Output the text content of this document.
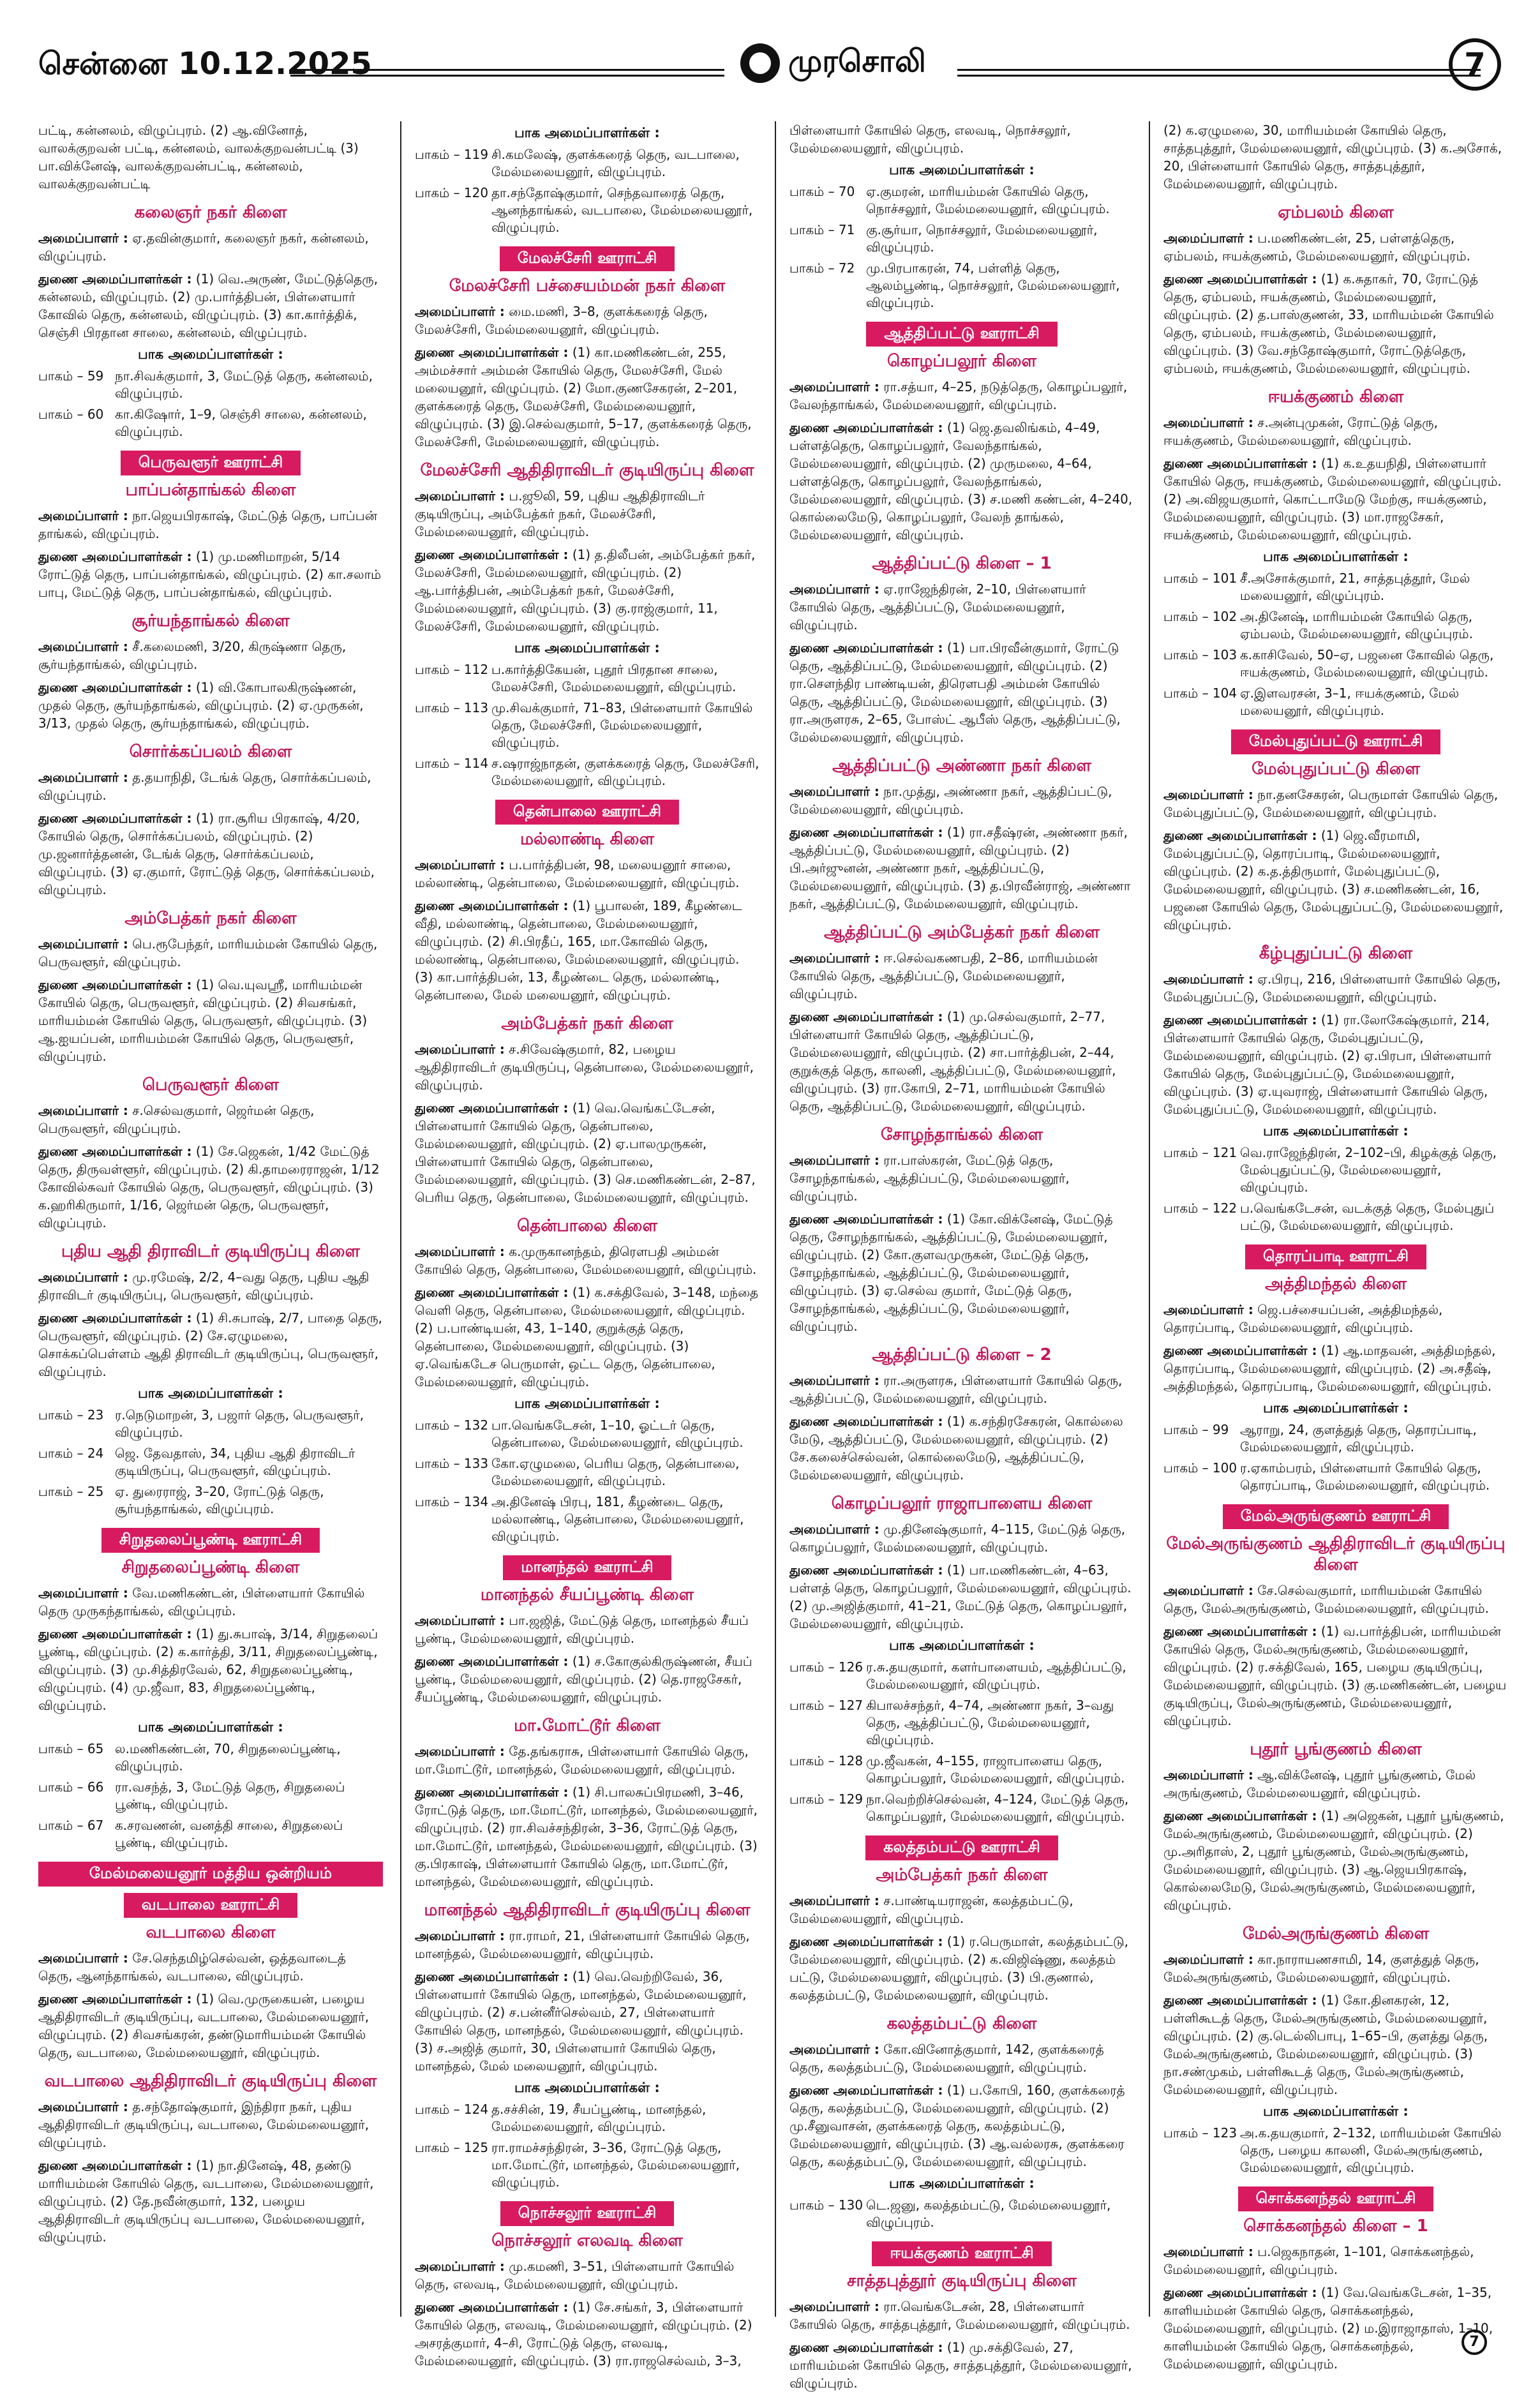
சென்னை 10.12.2025	முரசொலி	7
பட்டி, கன்னலம், விழுப்புரம். (2) ஆ.வினோத், வாலக்குறவன் பட்டி, கன்னலம், வாலக்குறவன்பட்டி (3) பா.விக்னேஷ், வாலக்குறவன்பட்டி, கன்னலம், வாலக்குறவன்பட்டி
கலைஞர் நகர் கிளை
அமைப்பாளர் : ஏ.தவின்குமார், கலைஞர் நகர், கன்னலம், விழுப்புரம்.
துணை அமைப்பாளர்கள் : (1) வெ.அருண், மேட்டுத்தெரு, கன்னலம், விழுப்புரம். (2) மு.பார்த்திபன், பிள்ளையார் கோவில் தெரு, கன்னலம், விழுப்புரம். (3) கா.கார்த்திக், செஞ்சி பிரதான சாலை, கன்னலம், விழுப்புரம்.
பாக அமைப்பாளர்கள் :
பாகம் – 59 நா.சிவக்குமார், 3, மேட்டுத் தெரு, கன்னலம், விழுப்புரம்.
பாகம் – 60 கா.கிஷோர், 1–9, செஞ்சி சாலை, கன்னலம், விழுப்புரம்.
பெருவளூர் ஊராட்சி
பாப்பன்தாங்கல் கிளை
அமைப்பாளர் : நா.ஜெயபிரகாஷ், மேட்டுத் தெரு, பாப்பன் தாங்கல், விழுப்புரம்.
துணை அமைப்பாளர்கள் : (1) மு.மணிமாறன், 5/14 ரோட்டுத் தெரு, பாப்பன்தாங்கல், விழுப்புரம். (2) கா.சலாம் பாபு, மேட்டுத் தெரு, பாப்பன்தாங்கல், விழுப்புரம்.
சூர்யந்தாங்கல் கிளை
அமைப்பாளர் : சீ.கலைமணி, 3/20, கிருஷ்ணா தெரு, சூர்யந்தாங்கல், விழுப்புரம்.
துணை அமைப்பாளர்கள் : (1) வி.கோபாலகிருஷ்ணன், முதல் தெரு, சூர்யந்தாங்கல், விழுப்புரம். (2) ஏ.முருகன், 3/13, முதல் தெரு, சூர்யந்தாங்கல், விழுப்புரம்.
சொர்க்கப்பலம் கிளை
அமைப்பாளர் : த.தயாநிதி, டேங்க் தெரு, சொர்க்கப்பலம், விழுப்புரம்.
துணை அமைப்பாளர்கள் : (1) ரா.சூரிய பிரகாஷ், 4/20, கோயில் தெரு, சொர்க்கப்பலம், விழுப்புரம். (2) மு.ஜனார்த்தனன், டேங்க் தெரு, சொர்க்கப்பலம், விழுப்புரம். (3) ஏ.குமார், ரோட்டுத் தெரு, சொர்க்கப்பலம், விழுப்புரம்.
அம்பேத்கர் நகர் கிளை
அமைப்பாளர் : பெ.ரூபேந்தர், மாரியம்மன் கோயில் தெரு, பெருவளூர், விழுப்புரம்.
துணை அமைப்பாளர்கள் : (1) வெ.யுவஸ்ரீ, மாரியம்மன் கோயில் தெரு, பெருவளூர், விழுப்புரம். (2) சிவசங்கர், மாரியம்மன் கோயில் தெரு, பெருவளூர், விழுப்புரம். (3) ஆ.ஐயப்பன், மாரியம்மன் கோயில் தெரு, பெருவளூர், விழுப்புரம்.
பெருவளூர் கிளை
அமைப்பாளர் : ச.செல்வகுமார், ஜெர்மன் தெரு, பெருவளூர், விழுப்புரம்.
துணை அமைப்பாளர்கள் : (1) சே.ஜெகன், 1/42 மேட்டுத் தெரு, திருவள்ளூர், விழுப்புரம். (2) கி.தாமரைராஜன், 1/12 கோவில்சுவர் கோயில் தெரு, பெருவளூர், விழுப்புரம். (3) க.ஹரிகிருமார், 1/16, ஜெர்மன் தெரு, பெருவளூர், விழுப்புரம்.
புதிய ஆதி திராவிடர் குடியிருப்பு கிளை
அமைப்பாளர் : மு.ரமேஷ், 2/2, 4–வது தெரு, புதிய ஆதி திராவிடர் குடியிருப்பு, பெருவளூர், விழுப்புரம்.
துணை அமைப்பாளர்கள் : (1) சி.சுபாஷ், 2/7, பாதை தெரு, பெருவளூர், விழுப்புரம். (2) சே.ஏழுமலை, சொக்கப்பெள்ளம் ஆதி திராவிடர் குடியிருப்பு, பெருவளூர், விழுப்புரம்.
பாக அமைப்பாளர்கள் :
பாகம் – 23 ர.நெடுமாறன், 3, பஜார் தெரு, பெருவளூர், விழுப்புரம்.
பாகம் – 24 ஜெ. தேவதாஸ், 34, புதிய ஆதி திராவிடர் குடியிருப்பு, பெருவளூர், விழுப்புரம்.
பாகம் – 25 ஏ. துரைராஜ், 3–20, ரோட்டுத் தெரு, சூர்யந்தாங்கல், விழுப்புரம்.
சிறுதலைப்பூண்டி ஊராட்சி
சிறுதலைப்பூண்டி கிளை
அமைப்பாளர் : வே.மணிகண்டன், பிள்ளையார் கோயில் தெரு முருகந்தாங்கல், விழுப்புரம்.
துணை அமைப்பாளர்கள் : (1) து.சுபாஷ், 3/14, சிறுதலைப் பூண்டி, விழுப்புரம். (2) க.கார்த்தி, 3/11, சிறுதலைப்பூண்டி, விழுப்புரம். (3) மு.சித்திரவேல், 62, சிறுதலைப்பூண்டி, விழுப்புரம். (4) மு.ஜீவா, 83, சிறுதலைப்பூண்டி, விழுப்புரம்.
பாக அமைப்பாளர்கள் :
பாகம் – 65 ல.மணிகண்டன், 70, சிறுதலைப்பூண்டி, விழுப்புரம்.
பாகம் – 66 ரா.வசந்த், 3, மேட்டுத் தெரு, சிறுதலைப் பூண்டி, விழுப்புரம்.
பாகம் – 67 க.சரவணன், வனத்தி சாலை, சிறுதலைப் பூண்டி, விழுப்புரம்.
மேல்மலையனூர் மத்திய ஒன்றியம்
வடபாலை ஊராட்சி
வடபாலை கிளை
அமைப்பாளர் : சே.செந்தமிழ்செல்வன், ஒத்தவாடைத் தெரு, ஆனந்தாங்கல், வடபாலை, விழுப்புரம்.
துணை அமைப்பாளர்கள் : (1) வெ.முருகையன், பழைய ஆதிதிராவிடர் குடியிருப்பு, வடபாலை, மேல்மலையனூர், விழுப்புரம். (2) சிவசங்கரன், தண்டுமாரியம்மன் கோயில் தெரு, வடபாலை, மேல்மலையனூர், விழுப்புரம்.
வடபாலை ஆதிதிராவிடர் குடியிருப்பு கிளை
அமைப்பாளர் : த.சந்தோஷ்குமார், இந்திரா நகர், புதிய ஆதிதிராவிடர் குடியிருப்பு, வடபாலை, மேல்மலையனூர், விழுப்புரம்.
துணை அமைப்பாளர்கள் : (1) நா.தினேஷ், 48, தண்டு மாரியம்மன் கோயில் தெரு, வடபாலை, மேல்மலையனூர், விழுப்புரம். (2) தே.நவீன்குமார், 132, பழைய ஆதிதிராவிடர் குடியிருப்பு வடபாலை, மேல்மலையனூர், விழுப்புரம்.
பாக அமைப்பாளர்கள் :
பாகம் – 119 சி.கமலேஷ், குளக்கரைத் தெரு, வடபாலை, மேல்மலையனூர், விழுப்புரம்.
பாகம் – 120 தா.சந்தோஷ்குமார், செந்தவாரைத் தெரு, ஆனந்தாங்கல், வடபாலை, மேல்மலையனூர், விழுப்புரம்.
மேலச்சேரி ஊராட்சி
மேலச்சேரி பச்சையம்மன் நகர் கிளை
அமைப்பாளர் : மை.மணி, 3–8, குளக்கரைத் தெரு, மேலச்சேரி, மேல்மலையனூர், விழுப்புரம்.
துணை அமைப்பாளர்கள் : (1) கா.மணிகண்டன், 255, அம்மச்சார் அம்மன் கோயில் தெரு, மேலச்சேரி, மேல் மலையனூர், விழுப்புரம். (2) மோ.குணசேகரன், 2–201, குளக்கரைத் தெரு, மேலச்சேரி, மேல்மலையனூர், விழுப்புரம். (3) இ.செல்வகுமார், 5–17, குளக்கரைத் தெரு, மேலச்சேரி, மேல்மலையனூர், விழுப்புரம்.
மேலச்சேரி ஆதிதிராவிடர் குடியிருப்பு கிளை
அமைப்பாளர் : ப.ஜூலி, 59, புதிய ஆதிதிராவிடர் குடியிருப்பு, அம்பேத்கர் நகர், மேலச்சேரி, மேல்மலையனூர், விழுப்புரம்.
துணை அமைப்பாளர்கள் : (1) த.திலீபன், அம்பேத்கர் நகர், மேலச்சேரி, மேல்மலையனூர், விழுப்புரம். (2) ஆ.பார்த்திபன், அம்பேத்கர் நகர், மேலச்சேரி, மேல்மலையனூர், விழுப்புரம். (3) கு.ராஜ்குமார், 11, மேலச்சேரி, மேல்மலையனூர், விழுப்புரம்.
பாக அமைப்பாளர்கள் :
பாகம் – 112 ப.கார்த்திகேயன், புதூர் பிரதான சாலை, மேலச்சேரி, மேல்மலையனூர், விழுப்புரம்.
பாகம் – 113 மு.சிவக்குமார், 71–83, பிள்ளையார் கோயில் தெரு, மேலச்சேரி, மேல்மலையனூர், விழுப்புரம்.
பாகம் – 114 ச.ஷராஜ்நாதன், குளக்கரைத் தெரு, மேலச்சேரி, மேல்மலையனூர், விழுப்புரம்.
தென்பாலை ஊராட்சி
மல்லாண்டி கிளை
அமைப்பாளர் : ப.பார்த்திபன், 98, மலையனூர் சாலை, மல்லாண்டி, தென்பாலை, மேல்மலையனூர், விழுப்புரம்.
துணை அமைப்பாளர்கள் : (1) பூபாலன், 189, கீழண்டை வீதி, மல்லாண்டி, தென்பாலை, மேல்மலையனூர், விழுப்புரம். (2) சி.பிரதீப், 165, மா.கோவில் தெரு, மல்லாண்டி, தென்பாலை, மேல்மலையனூர், விழுப்புரம். (3) கா.பார்த்திபன், 13, கீழண்டை தெரு, மல்லாண்டி, தென்பாலை, மேல் மலையனூர், விழுப்புரம்.
அம்பேத்கர் நகர் கிளை
அமைப்பாளர் : ச.சிவேஷ்குமார், 82, பழைய ஆதிதிராவிடர் குடியிருப்பு, தென்பாலை, மேல்மலையனூர், விழுப்புரம்.
துணை அமைப்பாளர்கள் : (1) வெ.வெங்கட்டேசன், பிள்ளையார் கோயில் தெரு, தென்பாலை, மேல்மலையனூர், விழுப்புரம். (2) ஏ.பாலமுருகன், பிள்ளையார் கோயில் தெரு, தென்பாலை, மேல்மலையனூர், விழுப்புரம். (3) செ.மணிகண்டன், 2–87, பெரிய தெரு, தென்பாலை, மேல்மலையனூர், விழுப்புரம்.
தென்பாலை கிளை
அமைப்பாளர் : க.முருகானந்தம், திரௌபதி அம்மன் கோயில் தெரு, தென்பாலை, மேல்மலையனூர், விழுப்புரம்.
துணை அமைப்பாளர்கள் : (1) க.சக்திவேல், 3–148, மந்தை வெளி தெரு, தென்பாலை, மேல்மலையனூர், விழுப்புரம். (2) ப.பாண்டியன், 43, 1–140, குறுக்குத் தெரு, தென்பாலை, மேல்மலையனூர், விழுப்புரம். (3) ஏ.வெங்கடேச பெருமாள், ஒட்ட தெரு, தென்பாலை, மேல்மலையனூர், விழுப்புரம்.
பாக அமைப்பாளர்கள் :
பாகம் – 132 பா.வெங்கடேசன், 1–10, ஓட்டர் தெரு, தென்பாலை, மேல்மலையனூர், விழுப்புரம்.
பாகம் – 133 கோ.ஏழுமலை, பெரிய தெரு, தென்பாலை, மேல்மலையனூர், விழுப்புரம்.
பாகம் – 134 அ.தினேஷ் பிரபு, 181, கீழண்டை தெரு, மல்லாண்டி, தென்பாலை, மேல்மலையனூர், விழுப்புரம்.
மானந்தல் ஊராட்சி
மானந்தல் சீயப்பூண்டி கிளை
அமைப்பாளர் : பா.ஜஜித், மேட்டுத் தெரு, மானந்தல் சீயப் பூண்டி, மேல்மலையனூர், விழுப்புரம்.
துணை அமைப்பாளர்கள் : (1) ச.கோகுல்கிருஷ்ணன், சீயப் பூண்டி, மேல்மலையனூர், விழுப்புரம். (2) தெ.ராஜசேகர், சீயப்பூண்டி, மேல்மலையனூர், விழுப்புரம்.
மா.மோட்டூர் கிளை
அமைப்பாளர் : தே.தங்கராசு, பிள்ளையார் கோயில் தெரு, மா.மோட்டூர், மானந்தல், மேல்மலையனூர், விழுப்புரம்.
துணை அமைப்பாளர்கள் : (1) சி.பாலசுப்பிரமணி, 3–46, ரோட்டுத் தெரு, மா.மோட்டூர், மானந்தல், மேல்மலையனூர், விழுப்புரம். (2) ரா.சிவச்சந்திரன், 3–36, ரோட்டுத் தெரு, மா.மோட்டூர், மானந்தல், மேல்மலையனூர், விழுப்புரம். (3) கு.பிரகாஷ், பிள்ளையார் கோயில் தெரு, மா.மோட்டூர், மானந்தல், மேல்மலையனூர், விழுப்புரம்.
மானந்தல் ஆதிதிராவிடர் குடியிருப்பு கிளை
அமைப்பாளர் : ரா.ராமர், 21, பிள்ளையார் கோயில் தெரு, மானந்தல், மேல்மலையனூர், விழுப்புரம்.
துணை அமைப்பாளர்கள் : (1) வெ.வெற்றிவேல், 36, பிள்ளையார் கோயில் தெரு, மானந்தல், மேல்மலையனூர், விழுப்புரம். (2) ச.பன்னீர்செல்வம், 27, பிள்ளையார் கோயில் தெரு, மானந்தல், மேல்மலையனூர், விழுப்புரம். (3) ச.அஜித் குமார், 30, பிள்ளையார் கோயில் தெரு, மானந்தல், மேல் மலையனூர், விழுப்புரம்.
பாக அமைப்பாளர்கள் :
பாகம் – 124 த.சச்சின், 19, சீயப்பூண்டி, மானந்தல், மேல்மலையனூர், விழுப்புரம்.
பாகம் – 125 ரா.ராமச்சந்திரன், 3–36, ரோட்டுத் தெரு, மா.மோட்டூர், மானந்தல், மேல்மலையனூர், விழுப்புரம்.
நொச்சலூர் ஊராட்சி
நொச்சலூர் எலவடி கிளை
அமைப்பாளர் : மு.கமணி, 3–51, பிள்ளையார் கோயில் தெரு, எலவடி, மேல்மலையனூர், விழுப்புரம்.
துணை அமைப்பாளர்கள் : (1) சே.சங்கர், 3, பிள்ளையார் கோயில் தெரு, எலவடி, மேல்மலையனூர், விழுப்புரம். (2) அசரத்குமார், 4–சி, ரோட்டுத் தெரு, எலவடி, மேல்மலையனூர், விழுப்புரம். (3) ரா.ராஜசெல்வம், 3–3,
பிள்ளையார் கோயில் தெரு, எலவடி, நொச்சலூர், மேல்மலையனூர், விழுப்புரம்.
பாக அமைப்பாளர்கள் :
பாகம் – 70 ஏ.குமரன், மாரியம்மன் கோயில் தெரு, நொச்சலூர், மேல்மலையனூர், விழுப்புரம்.
பாகம் – 71 கு.சூர்யா, நொச்சலூர், மேல்மலையனூர், விழுப்புரம்.
பாகம் – 72 மு.பிரபாகரன், 74, பள்ளித் தெரு, ஆலம்பூண்டி, நொச்சலூர், மேல்மலையனூர், விழுப்புரம்.
ஆத்திப்பட்டு ஊராட்சி
கொழப்பலூர் கிளை
அமைப்பாளர் : ரா.சத்யா, 4–25, நடுத்தெரு, கொழப்பலூர், வேலந்தாங்கல், மேல்மலையனூர், விழுப்புரம்.
துணை அமைப்பாளர்கள் : (1) ஜெ.தவலிங்கம், 4–49, பள்ளத்தெரு, கொழப்பலூர், வேலந்தாங்கல், மேல்மலையனூர், விழுப்புரம். (2) முருமலை, 4–64, பள்ளத்தெரு, கொழப்பலூர், வேலந்தாங்கல், மேல்மலையனூர், விழுப்புரம். (3) ச.மணி கண்டன், 4–240, கொல்லைமேடு, கொழப்பலூர், வேலந் தாங்கல், மேல்மலையனூர், விழுப்புரம்.
ஆத்திப்பட்டு கிளை – 1
அமைப்பாளர் : ஏ.ராஜேந்திரன், 2–10, பிள்ளையார் கோயில் தெரு, ஆத்திப்பட்டு, மேல்மலையனூர், விழுப்புரம்.
துணை அமைப்பாளர்கள் : (1) பா.பிரவீன்குமார், ரோட்டு தெரு, ஆத்திப்பட்டு, மேல்மலையனூர், விழுப்புரம். (2) ரா.சௌந்திர பாண்டியன், திரௌபதி அம்மன் கோயில் தெரு, ஆத்திப்பட்டு, மேல்மலையனூர், விழுப்புரம். (3) ரா.அருளரசு, 2–65, போஸ்ட் ஆபீஸ் தெரு, ஆத்திப்பட்டு, மேல்மலையனூர், விழுப்புரம்.
ஆத்திப்பட்டு அண்ணா நகர் கிளை
அமைப்பாளர் : நா.முத்து, அண்ணா நகர், ஆத்திப்பட்டு, மேல்மலையனூர், விழுப்புரம்.
துணை அமைப்பாளர்கள் : (1) ரா.சதீஷ்ரன், அண்ணா நகர், ஆத்திப்பட்டு, மேல்மலையனூர், விழுப்புரம். (2) பி.அர்ஜுனன், அண்ணா நகர், ஆத்திப்பட்டு, மேல்மலையனூர், விழுப்புரம். (3) த.பிரவீன்ராஜ், அண்ணா நகர், ஆத்திப்பட்டு, மேல்மலையனூர், விழுப்புரம்.
ஆத்திப்பட்டு அம்பேத்கர் நகர் கிளை
அமைப்பாளர் : ஈ.செல்வகணபதி, 2–86, மாரியம்மன் கோயில் தெரு, ஆத்திப்பட்டு, மேல்மலையனூர், விழுப்புரம்.
துணை அமைப்பாளர்கள் : (1) மு.செல்வகுமார், 2–77, பிள்ளையார் கோயில் தெரு, ஆத்திப்பட்டு, மேல்மலையனூர், விழுப்புரம். (2) சா.பார்த்திபன், 2–44, குறுக்குத் தெரு, காலனி, ஆத்திப்பட்டு, மேல்மலையனூர், விழுப்புரம். (3) ரா.கோபி, 2–71, மாரியம்மன் கோயில் தெரு, ஆத்திப்பட்டு, மேல்மலையனூர், விழுப்புரம்.
சோழந்தாங்கல் கிளை
அமைப்பாளர் : ரா.பாஸ்கரன், மேட்டுத் தெரு, சோழந்தாங்கல், ஆத்திப்பட்டு, மேல்மலையனூர், விழுப்புரம்.
துணை அமைப்பாளர்கள் : (1) கோ.விக்னேஷ், மேட்டுத் தெரு, சோழந்தாங்கல், ஆத்திப்பட்டு, மேல்மலையனூர், விழுப்புரம். (2) கோ.குளவமுருகன், மேட்டுத் தெரு, சோழந்தாங்கல், ஆத்திப்பட்டு, மேல்மலையனூர், விழுப்புரம். (3) ஏ.செல்வ குமார், மேட்டுத் தெரு, சோழந்தாங்கல், ஆத்திப்பட்டு, மேல்மலையனூர், விழுப்புரம்.
ஆத்திப்பட்டு கிளை – 2
அமைப்பாளர் : ரா.அருளரசு, பிள்ளையார் கோயில் தெரு, ஆத்திப்பட்டு, மேல்மலையனூர், விழுப்புரம்.
துணை அமைப்பாளர்கள் : (1) க.சந்திரசேகரன், கொல்லை மேடு, ஆத்திப்பட்டு, மேல்மலையனூர், விழுப்புரம். (2) சே.கலைச்செல்வன், கொல்லைமேடு, ஆத்திப்பட்டு, மேல்மலையனூர், விழுப்புரம்.
கொழப்பலூர் ராஜாபாளைய கிளை
அமைப்பாளர் : மு.தினேஷ்குமார், 4–115, மேட்டுத் தெரு, கொழப்பலூர், மேல்மலையனூர், விழுப்புரம்.
துணை அமைப்பாளர்கள் : (1) பா.மணிகண்டன், 4–63, பள்ளத் தெரு, கொழப்பலூர், மேல்மலையனூர், விழுப்புரம். (2) மு.அஜித்குமார், 41–21, மேட்டுத் தெரு, கொழப்பலூர், மேல்மலையனூர், விழுப்புரம்.
பாக அமைப்பாளர்கள் :
பாகம் – 126 ர.சு.தயகுமார், களர்பாளையம், ஆத்திப்பட்டு, மேல்மலையனூர், விழுப்புரம்.
பாகம் – 127 கிபாலச்சந்தர், 4–74, அண்ணா நகர், 3–வது தெரு, ஆத்திப்பட்டு, மேல்மலையனூர், விழுப்புரம்.
பாகம் – 128 மு.ஜீவகன், 4–155, ராஜாபாளைய தெரு, கொழப்பலூர், மேல்மலையனூர், விழுப்புரம்.
பாகம் – 129 நா.வெற்றிச்செல்வன், 4–124, மேட்டுத் தெரு, கொழப்பலூர், மேல்மலையனூர், விழுப்புரம்.
கலத்தம்பட்டு ஊராட்சி
அம்பேத்கர் நகர் கிளை
அமைப்பாளர் : ச.பாண்டியராஜன், கலத்தம்பட்டு, மேல்மலையனூர், விழுப்புரம்.
துணை அமைப்பாளர்கள் : (1) ர.பெருமாள், கலத்தம்பட்டு, மேல்மலையனூர், விழுப்புரம். (2) க.விஜிஷ்ணு, கலத்தம் பட்டு, மேல்மலையனூர், விழுப்புரம். (3) பி.குணால், கலத்தம்பட்டு, மேல்மலையனூர், விழுப்புரம்.
கலத்தம்பட்டு கிளை
அமைப்பாளர் : கோ.வினோத்குமார், 142, குளக்கரைத் தெரு, கலத்தம்பட்டு, மேல்மலையனூர், விழுப்புரம்.
துணை அமைப்பாளர்கள் : (1) ப.கோபி, 160, குளக்கரைத் தெரு, கலத்தம்பட்டு, மேல்மலையனூர், விழுப்புரம். (2) மு.சீனுவாசன், குளக்கரைத் தெரு, கலத்தம்பட்டு, மேல்மலையனூர், விழுப்புரம். (3) ஆ.வல்லரசு, குளக்கரை தெரு, கலத்தம்பட்டு, மேல்மலையனூர், விழுப்புரம்.
பாக அமைப்பாளர்கள் :
பாகம் – 130 டெ.ஜனு, கலத்தம்பட்டு, மேல்மலையனூர், விழுப்புரம்.
ஈயக்குணம் ஊராட்சி
சாத்தபுத்தூர் குடியிருப்பு கிளை
அமைப்பாளர் : ரா.வெங்கடேசன், 28, பிள்ளையார் கோயில் தெரு, சாத்தபுத்தூர், மேல்மலையனூர், விழுப்புரம்.
துணை அமைப்பாளர்கள் : (1) மு.சக்திவேல், 27, மாரியம்மன் கோயில் தெரு, சாத்தபுத்தூர், மேல்மலையனூர், விழுப்புரம்.
(2) க.ஏழுமலை, 30, மாரியம்மன் கோயில் தெரு, சாத்தபுத்தூர், மேல்மலையனூர், விழுப்புரம். (3) க.அசோக், 20, பிள்ளையார் கோயில் தெரு, சாத்தபுத்தூர், மேல்மலையனூர், விழுப்புரம்.
ஏம்பலம் கிளை
அமைப்பாளர் : ப.மணிகண்டன், 25, பள்ளத்தெரு, ஏம்பலம், ஈயக்குணம், மேல்மலையனூர், விழுப்புரம்.
துணை அமைப்பாளர்கள் : (1) க.சுதாகர், 70, ரோட்டுத் தெரு, ஏம்பலம், ஈயக்குணம், மேல்மலையனூர், விழுப்புரம். (2) த.பாஸ்குணன், 33, மாரியம்மன் கோயில் தெரு, ஏம்பலம், ஈயக்குணம், மேல்மலையனூர், விழுப்புரம். (3) வே.சந்தோஷ்குமார், ரோட்டுத்தெரு, ஏம்பலம், ஈயக்குணம், மேல்மலையனூர், விழுப்புரம்.
ஈயக்குணம் கிளை
அமைப்பாளர் : ச.அன்புமுகன், ரோட்டுத் தெரு, ஈயக்குணம், மேல்மலையனூர், விழுப்புரம்.
துணை அமைப்பாளர்கள் : (1) க.உதயநிதி, பிள்ளையார் கோயில் தெரு, ஈயக்குணம், மேல்மலையனூர், விழுப்புரம். (2) அ.விஜயகுமார், கொட்டாமேடு மேற்கு, ஈயக்குணம், மேல்மலையனூர், விழுப்புரம். (3) மா.ராஜசேகர், ஈயக்குணம், மேல்மலையனூர், விழுப்புரம்.
பாக அமைப்பாளர்கள் :
பாகம் – 101 சீ.அசோக்குமார், 21, சாத்தபுத்தூர், மேல் மலையனூர், விழுப்புரம்.
பாகம் – 102 அ.தினேஷ், மாரியம்மன் கோயில் தெரு, ஏம்பலம், மேல்மலையனூர், விழுப்புரம்.
பாகம் – 103 க.காசிவேல், 50–ஏ, பஜனை கோவில் தெரு, ஈயக்குணம், மேல்மலையனூர், விழுப்புரம்.
பாகம் – 104 ஏ.இளவரசன், 3–1, ஈயக்குணம், மேல் மலையனூர், விழுப்புரம்.
மேல்புதுப்பட்டு ஊராட்சி
மேல்புதுப்பட்டு கிளை
அமைப்பாளர் : நா.தனசேகரன், பெருமாள் கோயில் தெரு, மேல்புதுப்பட்டு, மேல்மலையனூர், விழுப்புரம்.
துணை அமைப்பாளர்கள் : (1) ஜெ.வீரமாமி, மேல்புதுப்பட்டு, தொரப்பாடி, மேல்மலையனூர், விழுப்புரம். (2) க.த.த்திருமார், மேல்புதுப்பட்டு, மேல்மலையனூர், விழுப்புரம். (3) ச.மணிகண்டன், 16, பஜனை கோயில் தெரு, மேல்புதுப்பட்டு, மேல்மலையனூர், விழுப்புரம்.
கீழ்புதுப்பட்டு கிளை
அமைப்பாளர் : ஏ.பிரபு, 216, பிள்ளையார் கோயில் தெரு, மேல்புதுப்பட்டு, மேல்மலையனூர், விழுப்புரம்.
துணை அமைப்பாளர்கள் : (1) ரா.லோகேஷ்குமார், 214, பிள்ளையார் கோயில் தெரு, மேல்புதுப்பட்டு, மேல்மலையனூர், விழுப்புரம். (2) ஏ.பிரபா, பிள்ளையார் கோயில் தெரு, மேல்புதுப்பட்டு, மேல்மலையனூர், விழுப்புரம். (3) ஏ.யுவராஜ், பிள்ளையார் கோயில் தெரு, மேல்புதுப்பட்டு, மேல்மலையனூர், விழுப்புரம்.
பாக அமைப்பாளர்கள் :
பாகம் – 121 வெ.ராஜேந்திரன், 2–102–பி, கிழக்குத் தெரு, மேல்புதுப்பட்டு, மேல்மலையனூர், விழுப்புரம்.
பாகம் – 122 ப.வெங்கடேசன், வடக்குத் தெரு, மேல்புதுப் பட்டு, மேல்மலையனூர், விழுப்புரம்.
தொரப்பாடி ஊராட்சி
அத்திமந்தல் கிளை
அமைப்பாளர் : ஜெ.பச்சையப்பன், அத்திமந்தல், தொரப்பாடி, மேல்மலையனூர், விழுப்புரம்.
துணை அமைப்பாளர்கள் : (1) ஆ.மாதவன், அத்திமந்தல், தொரப்பாடி, மேல்மலையனூர், விழுப்புரம். (2) அ.சதீஷ், அத்திமந்தல், தொரப்பாடி, மேல்மலையனூர், விழுப்புரம்.
பாக அமைப்பாளர்கள் :
பாகம் – 99 ஆராறு, 24, குளத்துத் தெரு, தொரப்பாடி, மேல்மலையனூர், விழுப்புரம்.
பாகம் – 100 ர.ஏகாம்பரம், பிள்ளையார் கோயில் தெரு, தொரப்பாடி, மேல்மலையனூர், விழுப்புரம்.
மேல்அருங்குணம் ஊராட்சி
மேல்அருங்குணம் ஆதிதிராவிடர் குடியிருப்பு கிளை
அமைப்பாளர் : சே.செல்வகுமார், மாரியம்மன் கோயில் தெரு, மேல்அருங்குணம், மேல்மலையனூர், விழுப்புரம்.
துணை அமைப்பாளர்கள் : (1) வ.பார்த்திபன், மாரியம்மன் கோயில் தெரு, மேல்அருங்குணம், மேல்மலையனூர், விழுப்புரம். (2) ர.சக்திவேல், 165, பழைய குடியிருப்பு, மேல்மலையனூர், விழுப்புரம். (3) கு.மணிகண்டன், பழைய குடியிருப்பு, மேல்அருங்குணம், மேல்மலையனூர், விழுப்புரம்.
புதூர் பூங்குணம் கிளை
அமைப்பாளர் : ஆ.விக்னேஷ், புதூர் பூங்குணம், மேல் அருங்குணம், மேல்மலையனூர், விழுப்புரம்.
துணை அமைப்பாளர்கள் : (1) அஜெகன், புதூர் பூங்குணம், மேல்அருங்குணம், மேல்மலையனூர், விழுப்புரம். (2) மு.அரிதாஸ், 2, புதூர் பூங்குணம், மேல்அருங்குணம், மேல்மலையனூர், விழுப்புரம். (3) ஆ.ஜெயபிரகாஷ், கொல்லைமேடு, மேல்அருங்குணம், மேல்மலையனூர், விழுப்புரம்.
மேல்அருங்குணம் கிளை
அமைப்பாளர் : கா.நாராயணசாமி, 14, குளத்துத் தெரு, மேல்அருங்குணம், மேல்மலையனூர், விழுப்புரம்.
துணை அமைப்பாளர்கள் : (1) கோ.தினகரன், 12, பள்ளிகூடத் தெரு, மேல்அருங்குணம், மேல்மலையனூர், விழுப்புரம். (2) கு.டெல்லிபாபு, 1–65–பி, குளத்து தெரு, மேல்அருங்குணம், மேல்மலையனூர், விழுப்புரம். (3) நா.சண்முகம், பள்ளிகூடத் தெரு, மேல்அருங்குணம், மேல்மலையனூர், விழுப்புரம்.
பாக அமைப்பாளர்கள் :
பாகம் – 123 அ.க.தயகுமார், 2–132, மாரியம்மன் கோயில் தெரு, பழைய காலனி, மேல்அருங்குணம், மேல்மலையனூர், விழுப்புரம்.
சொக்கனந்தல் ஊராட்சி
சொக்கனந்தல் கிளை – 1
அமைப்பாளர் : ப.ஜெகநாதன், 1–101, சொக்கனந்தல், மேல்மலையனூர், விழுப்புரம்.
துணை அமைப்பாளர்கள் : (1) வே.வெங்கடேசன், 1–35, காளியம்மன் கோயில் தெரு, சொக்கனந்தல், மேல்மலையனூர், விழுப்புரம். (2) ம.இராஜாதாஸ், 1–10, காளியம்மன் கோயில் தெரு, சொக்கனந்தல், மேல்மலையனூர், விழுப்புரம்.
7
